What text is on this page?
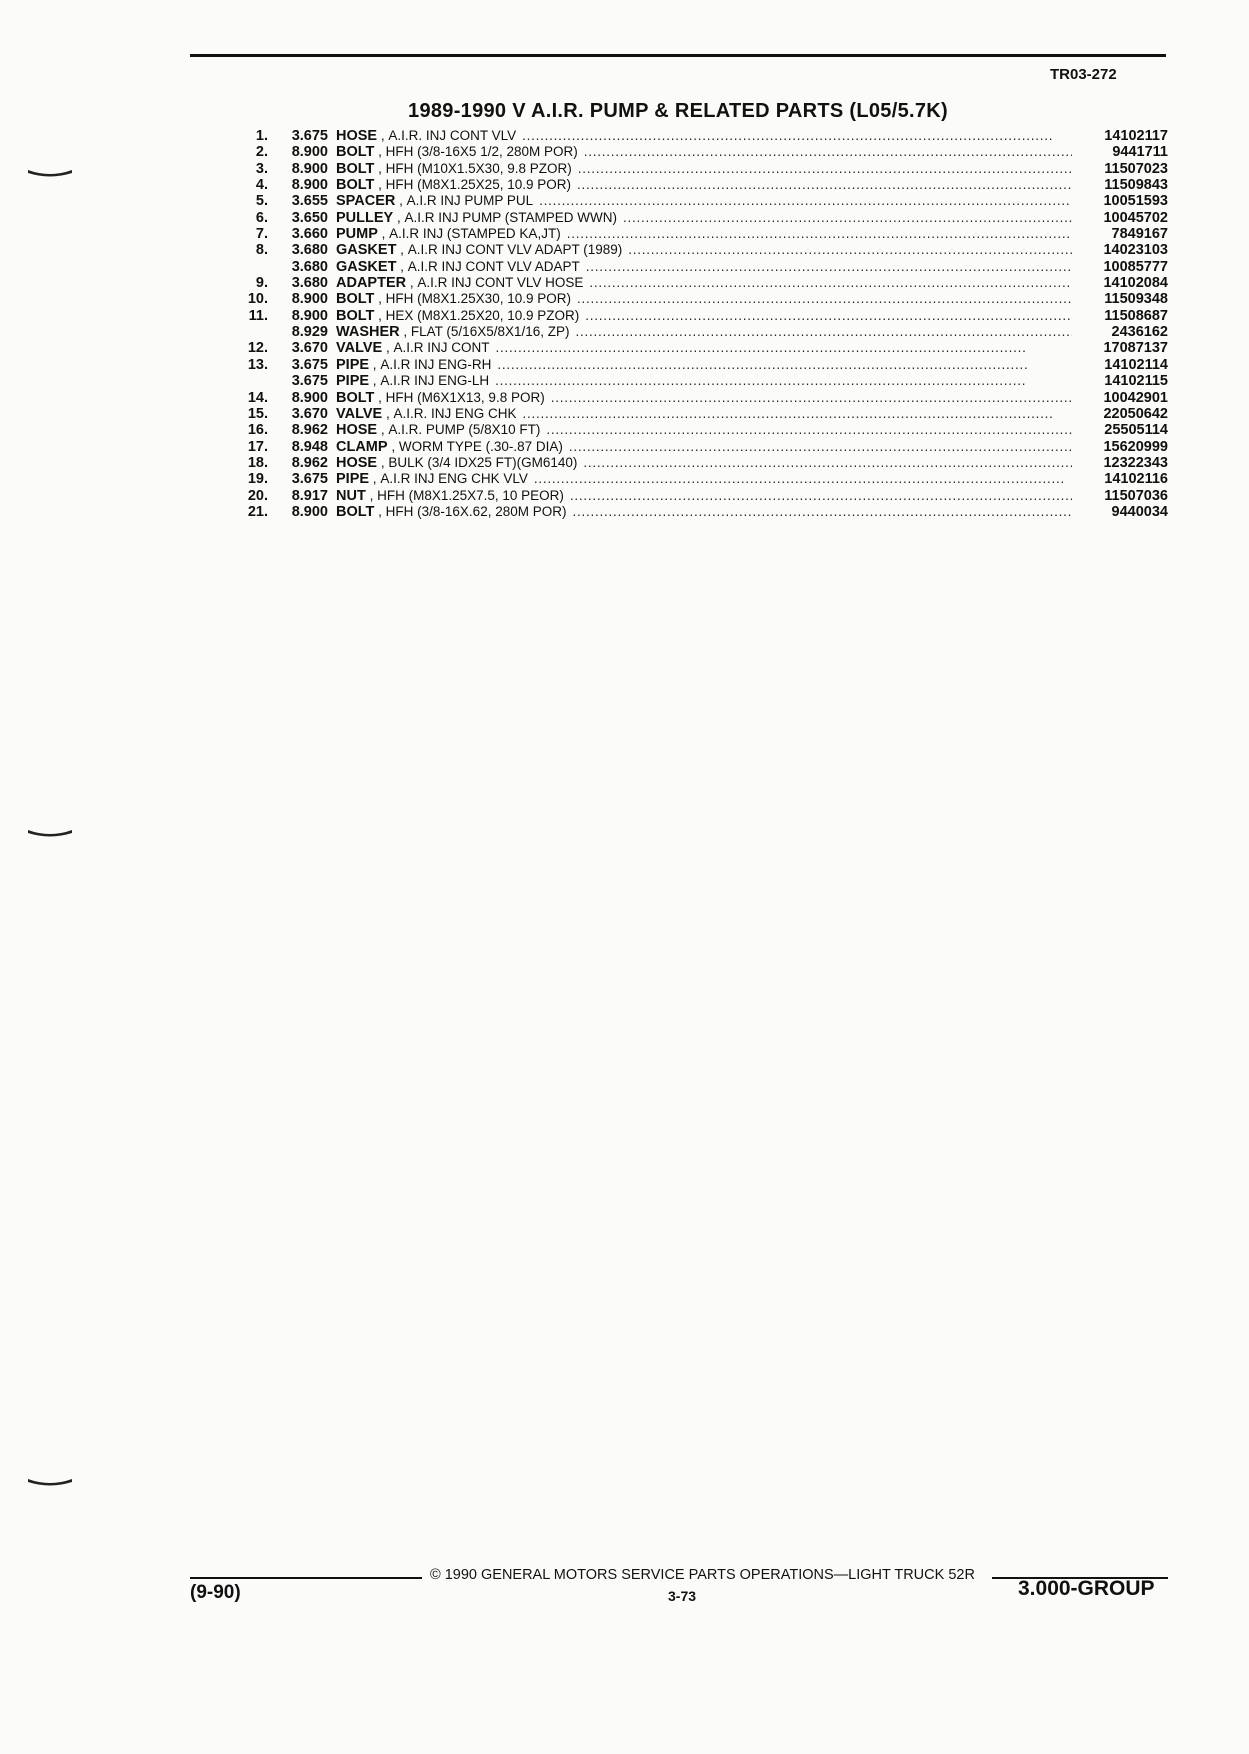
TR03-272
1989-1990 V A.I.R. PUMP & RELATED PARTS (L05/5.7K)
1.	3.675 HOSE , A.I.R. INJ CONT VLV . . .	14102117
2.	8.900 BOLT , HFH (3/8-16X5 1/2, 280M POR) . . .	9441711
3.	8.900 BOLT , HFH (M10X1.5X30, 9.8 PZOR) . . .	11507023
4.	8.900 BOLT , HFH (M8X1.25X25, 10.9 POR) . . .	11509843
5.	3.655 SPACER , A.I.R INJ PUMP PUL . . .	10051593
6.	3.650 PULLEY , A.I.R INJ PUMP (STAMPED WWN) . . .	10045702
7.	3.660 PUMP , A.I.R INJ (STAMPED KA,JT) . . .	7849167
8.	3.680 GASKET , A.I.R INJ CONT VLV ADAPT (1989) . . .	14023103
3.680 GASKET , A.I.R INJ CONT VLV ADAPT . . .	10085777
9.	3.680 ADAPTER , A.I.R INJ CONT VLV HOSE . . .	14102084
10.	8.900 BOLT , HFH (M8X1.25X30, 10.9 POR) . . .	11509348
11.	8.900 BOLT , HEX (M8X1.25X20, 10.9 PZOR) . . .	11508687
8.929 WASHER , FLAT (5/16X5/8X1/16, ZP) . . .	2436162
12.	3.670 VALVE , A.I.R INJ CONT . . .	17087137
13.	3.675 PIPE , A.I.R INJ ENG-RH . . .	14102114
3.675 PIPE , A.I.R INJ ENG-LH . . .	14102115
14.	8.900 BOLT , HFH (M6X1X13, 9.8 POR) . . .	10042901
15.	3.670 VALVE , A.I.R. INJ ENG CHK . . .	22050642
16.	8.962 HOSE , A.I.R. PUMP (5/8X10 FT) . . .	25505114
17.	8.948 CLAMP , WORM TYPE (.30-.87 DIA) . . .	15620999
18.	8.962 HOSE , BULK (3/4 IDX25 FT)(GM6140) . . .	12322343
19.	3.675 PIPE , A.I.R INJ ENG CHK VLV . . .	14102116
20.	8.917 NUT , HFH (M8X1.25X7.5, 10 PEOR) . . .	11507036
21.	8.900 BOLT , HFH (3/8-16X.62, 280M POR) . . .	9440034
© 1990 GENERAL MOTORS SERVICE PARTS OPERATIONS—LIGHT TRUCK 52R
(9-90)	3-73	3.000-GROUP
